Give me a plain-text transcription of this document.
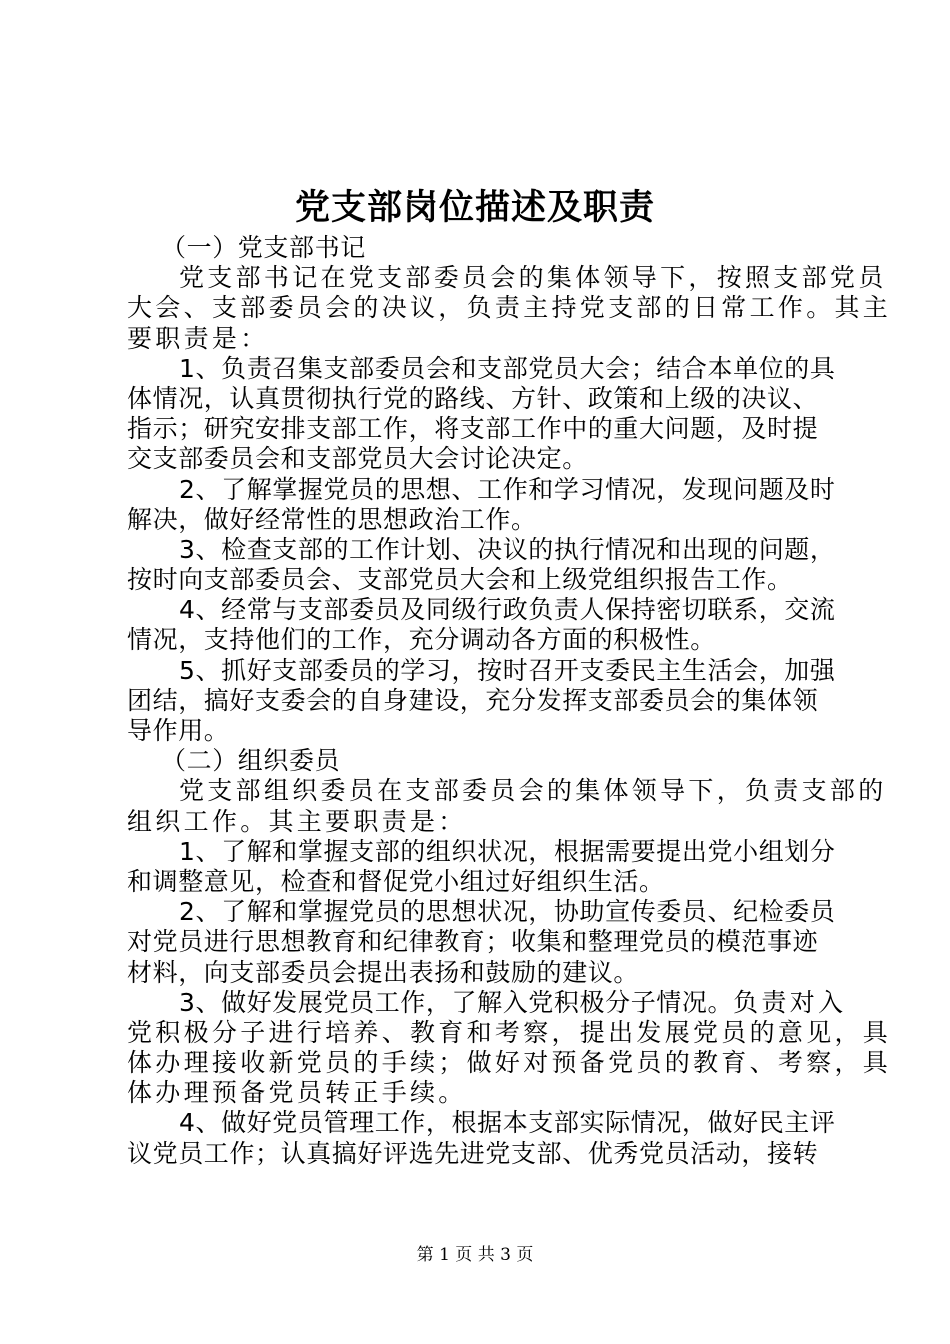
党支部岗位描述及职责
（一）党支部书记
党支部书记在党支部委员会的集体领导下，按照支部党员
大会、支部委员会的决议，负责主持党支部的日常工作。其主
要职责是：
1、负责召集支部委员会和支部党员大会；结合本单位的具
体情况，认真贯彻执行党的路线、方针、政策和上级的决议、
指示；研究安排支部工作，将支部工作中的重大问题，及时提
交支部委员会和支部党员大会讨论决定。
2、了解掌握党员的思想、工作和学习情况，发现问题及时
解决，做好经常性的思想政治工作。
3、检查支部的工作计划、决议的执行情况和出现的问题，
按时向支部委员会、支部党员大会和上级党组织报告工作。
4、经常与支部委员及同级行政负责人保持密切联系，交流
情况，支持他们的工作，充分调动各方面的积极性。
5、抓好支部委员的学习，按时召开支委民主生活会，加强
团结，搞好支委会的自身建设，充分发挥支部委员会的集体领
导作用。
（二）组织委员
党支部组织委员在支部委员会的集体领导下，负责支部的
组织工作。其主要职责是：
1、了解和掌握支部的组织状况，根据需要提出党小组划分
和调整意见，检查和督促党小组过好组织生活。
2、了解和掌握党员的思想状况，协助宣传委员、纪检委员
对党员进行思想教育和纪律教育；收集和整理党员的模范事迹
材料，向支部委员会提出表扬和鼓励的建议。
3、做好发展党员工作，了解入党积极分子情况。负责对入
党积极分子进行培养、教育和考察，提出发展党员的意见，具
体办理接收新党员的手续；做好对预备党员的教育、考察，具
体办理预备党员转正手续。
4、做好党员管理工作，根据本支部实际情况，做好民主评
议党员工作；认真搞好评选先进党支部、优秀党员活动，接转
第 1 页 共 3 页
